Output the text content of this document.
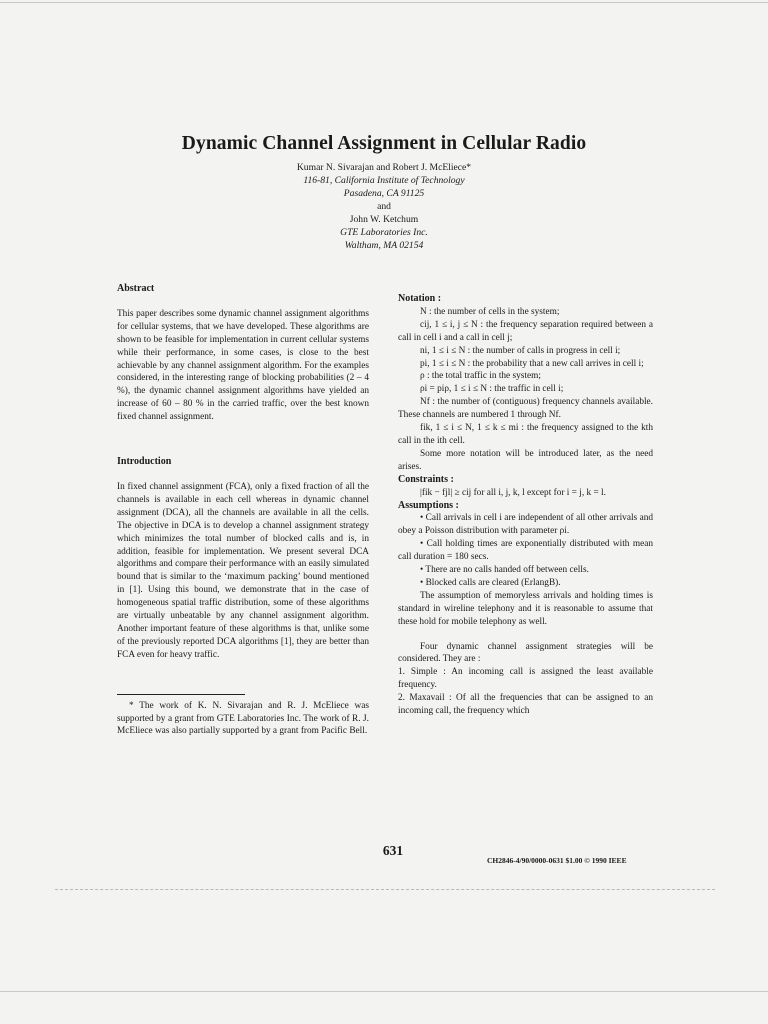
Dynamic Channel Assignment in Cellular Radio
Kumar N. Sivarajan and Robert J. McEliece*
116-81, California Institute of Technology
Pasadena, CA 91125
and
John W. Ketchum
GTE Laboratories Inc.
Waltham, MA 02154
Abstract

This paper describes some dynamic channel assignment algorithms for cellular systems, that we have developed. These algorithms are shown to be feasible for implementation in current cellular systems while their performance, in some cases, is close to the best achievable by any channel assignment algorithm. For the examples considered, in the interesting range of blocking probabilities (2 – 4 %), the dynamic channel assignment algorithms have yielded an increase of 60 – 80 % in the carried traffic, over the best known fixed channel assignment.

Introduction

In fixed channel assignment (FCA), only a fixed fraction of all the channels is available in each cell whereas in dynamic channel assignment (DCA), all the channels are available in all the cells. The objective in DCA is to develop a channel assignment strategy which minimizes the total number of blocked calls and is, in addition, feasible for implementation. We present several DCA algorithms and compare their performance with an easily simulated bound that is similar to the ‘maximum packing’ bound mentioned in [1]. Using this bound, we demonstrate that in the case of homogeneous spatial traffic distribution, some of these algorithms are virtually unbeatable by any channel assignment algorithm. Another important feature of these algorithms is that, unlike some of the previously reported DCA algorithms [1], they are better than FCA even for heavy traffic.

* The work of K. N. Sivarajan and R. J. McEliece was supported by a grant from GTE Laboratories Inc. The work of R. J. McEliece was also partially supported by a grant from Pacific Bell.

Notation :

N : the number of cells in the system;

cij, 1 ≤ i, j ≤ N : the frequency separation required between a call in cell i and a call in cell j;

ni, 1 ≤ i ≤ N : the number of calls in progress in cell i;

pi, 1 ≤ i ≤ N : the probability that a new call arrives in cell i;

ρ : the total traffic in the system;

ρi = piρ, 1 ≤ i ≤ N : the traffic in cell i;

Nf : the number of (contiguous) frequency channels available. These channels are numbered 1 through Nf.

fik, 1 ≤ i ≤ N, 1 ≤ k ≤ mi : the frequency assigned to the kth call in the ith cell.

Some more notation will be introduced later, as the need arises.

Constraints :

|fik − fjl| ≥ cij for all i, j, k, l except for i = j, k = l.

Assumptions :

• Call arrivals in cell i are independent of all other arrivals and obey a Poisson distribution with parameter ρi.

• Call holding times are exponentially distributed with mean call duration = 180 secs.

• There are no calls handed off between cells.

• Blocked calls are cleared (ErlangB).

The assumption of memoryless arrivals and holding times is standard in wireline telephony and it is reasonable to assume that these hold for mobile telephony as well.

Four dynamic channel assignment strategies will be considered. They are :

1. Simple : An incoming call is assigned the least available frequency.

2. Maxavail : Of all the frequencies that can be assigned to an incoming call, the frequency which

631
CH2846-4/90/0000-0631 $1.00 © 1990 IEEE
